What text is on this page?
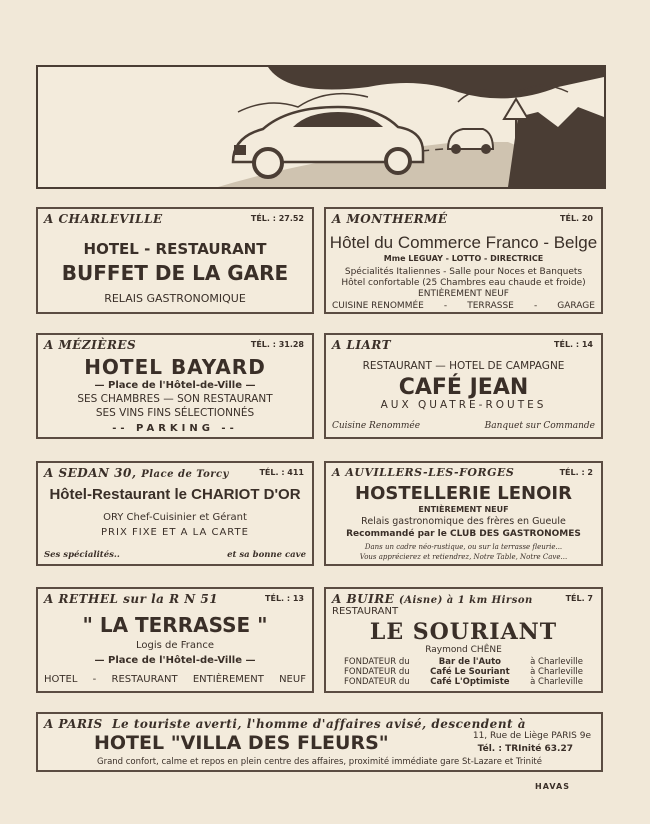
Où vont-ils
pour bien
déjeuner ?
A CHARLEVILLE	TÉL. : 27.52
HOTEL - RESTAURANT
BUFFET DE LA GARE
RELAIS GASTRONOMIQUE
A MONTHERMÉ	TÉL. 20
Hôtel du Commerce Franco - Belge
Mme LEGUAY - LOTTO - DIRECTRICE
Spécialités Italiennes - Salle pour Noces et Banquets
Hôtel confortable (25 Chambres eau chaude et froide)
ENTIÈREMENT NEUF
CUISINE RENOMMÉE - TERRASSE - GARAGE
A MÉZIÈRES	TÉL. : 31.28
HOTEL BAYARD
— Place de l'Hôtel-de-Ville —
SES CHAMBRES — SON RESTAURANT
SES VINS FINS SÉLECTIONNÉS
-- PARKING --
A LIART	TÉL. : 14
RESTAURANT — HOTEL DE CAMPAGNE
CAFÉ JEAN
AUX QUATRE-ROUTES
Cuisine Renommée	Banquet sur Commande
A SEDAN 30, Place de Torcy	TÉL. : 411
Hôtel-Restaurant le CHARIOT D'OR
ORY Chef-Cuisinier et Gérant
PRIX FIXE ET A LA CARTE
Ses spécialités..	et sa bonne cave
A AUVILLERS-LES-FORGES	TÉL. : 2
HOSTELLERIE LENOIR
ENTIÈREMENT NEUF
Relais gastronomique des frères en Gueule
Recommandé par le CLUB DES GASTRONOMES
Dans un cadre néo-rustique, ou sur la terrasse fleurie...
Vous apprécierez et retiendrez, Notre Table, Notre Cave...
A RETHEL sur la R N 51	TÉL. : 13
" LA TERRASSE "
Logis de France
— Place de l'Hôtel-de-Ville —
HOTEL - RESTAURANT ENTIÈREMENT NEUF
A BUIRE (Aisne) à 1 km Hirson	TÉL. 7
RESTAURANT
LE SOURIANT
Raymond CHÊNE
FONDATEUR du	Bar de l'Auto	à Charleville
FONDATEUR du Café Le Souriant à Charleville
FONDATEUR du Café L'Optimiste à Charleville
A PARIS Le touriste averti, l'homme d'affaires avisé, descendent à
HOTEL "VILLA DES FLEURS"	11, Rue de Liège PARIS 9e
Tél. : TRInité 63.27
Grand confort, calme et repos en plein centre des affaires, proximité immédiate gare St-Lazare et Trinité
HAVAS
